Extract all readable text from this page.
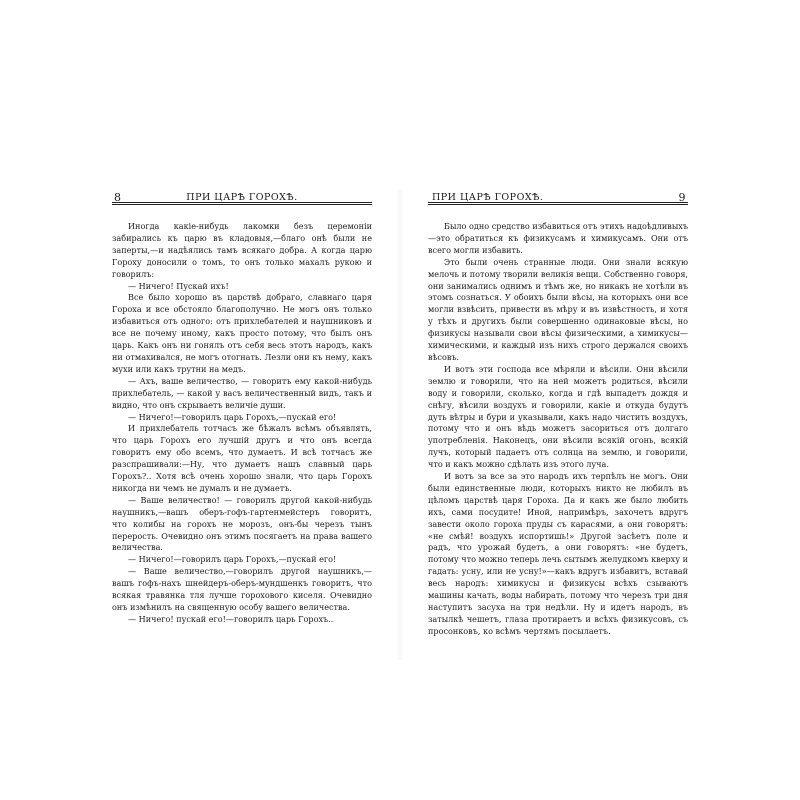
8	ПРИ ЦАРѢ ГОРОХѢ.

Иногда какіе-нибудь лакомки безъ церемоніи забирались къ царю въ кладовыя,—благо онѣ были не заперты,—и надѣялись тамъ всякаго добра. А когда царю Гороху доносили о томъ, то онъ только махалъ рукою и говорилъ:

— Ничего! Пускай ихъ!

Все было хорошо въ царствѣ добраго, славнаго царя Гороха и все обстояло благополучно. Не могъ онъ только избавиться отъ одного: отъ прихлебателей и наушниковъ и все не почему иному, какъ просто потому, что былъ онъ царь. Какъ онъ ни гонялъ отъ себя весь этотъ народъ, какъ ни отмахивался, не могъ отогнать. Лезли они къ нему, какъ мухи или какъ трутни на медъ.

— Ахъ, ваше величество, — говоритъ ему какой-нибудь прихлебатель, — какой у васъ величественный видъ, такъ и видно, что онъ скрываетъ величіе души.

— Ничего!—говорилъ царь Горохъ,—пускай его!

И прихлебатель тотчасъ же бѣжалъ всѣмъ объявлять, что царь Горохъ его лучшій другъ и что онъ всегда говоритъ ему обо всемъ, что думаетъ. И всѣ тотчасъ же разспрашивали:—Ну, что думаетъ нашъ славный царь Горохъ?.. Хотя всѣ очень хорошо знали, что царь Горохъ никогда ни чемъ не думалъ и не думаетъ.

— Ваше величество! — говорилъ другой какой-нибудь наушникъ,—вашъ оберъ-гофъ-гартенмейстеръ говоритъ, что колибы на горохъ не морозъ, онъ-бы черезъ тынъ перерость. Очевидно онъ этимъ посягаетъ на права вашего величества.

— Ничего!—говорилъ царь Горохъ,—пускай его!

— Ваше величество,—говорилъ другой наушникъ,—вашъ гофъ-нахъ шнейдеръ-оберъ-мундшенкъ говоритъ, что всякая травянка тля лучше горохового киселя. Очевидно онъ измѣнилъ на священную особу вашего величества.

— Ничего! пускай его!—говорилъ царь Горохъ..

ПРИ ЦАРѢ ГОРОХѢ.	9

Было одно средство избавиться отъ этихъ надоѣдливыхъ—это обратиться къ физикусамъ и химикусамъ. Они отъ всего могли избавить.

Это были очень странные люди. Они знали всякую мелочь и потому творили великія вещи. Собственно говоря, они занимались однимъ и тѣмъ же, но никакъ не хотѣли въ этомъ сознаться. У обоихъ были вѣсы, на которыхъ они все могли взвѣсить, привести въ мѣру и въ извѣстность, и хотя у тѣхъ и другихъ были совершенно одинаковые вѣсы, но физикусы называли свои вѣсы физическими, а химикусы—химическими, и каждый изъ нихъ строго держался своихъ вѣсовъ.

И вотъ эти господа все мѣряли и вѣсили. Они вѣсили землю и говорили, что на ней можетъ родиться, вѣсили воду и говорили, сколько, когда и гдѣ выпадетъ дождя и снѣгу, вѣсили воздухъ и говорили, какіе и откуда будутъ дуть вѣтры и бури и указывали, какъ надо чистить воздухъ, потому что и онъ вѣдь можетъ засориться отъ долгаго употребленія. Наконецъ, они вѣсили всякій огонь, всякій лучъ, который падаетъ отъ солнца на землю, и говорили, что и какъ можно сдѣлать изъ этого луча.

И вотъ за все за это народъ ихъ терпѣлъ не могъ. Они были единственные люди, которыхъ никто не любилъ въ цѣломъ царствѣ царя Гороха. Да и какъ же было любить ихъ, сами посудите! Иной, напримѣръ, захочетъ вдругъ завести около гороха пруды съ карасями, а они говорятъ: «не смѣй! воздухъ испортишь!» Другой засѣетъ поле и радъ, что урожай будетъ, а они говорятъ: «не будетъ, потому что можно теперь лечь сытымъ желудкомъ кверху и гадать: усну, или не усну!»—какъ вдругъ избавитъ, вставай весь народъ: химикусы и физикусы всѣхъ сзываютъ машины качать, воды набирать, потому что черезъ три дня наступитъ засуха на три недѣли. Ну и идетъ народъ, въ затылкѣ чешетъ, глаза протираетъ и всѣхъ физикусовъ, съ просонковъ, ко всѣмъ чертямъ посылаетъ.
